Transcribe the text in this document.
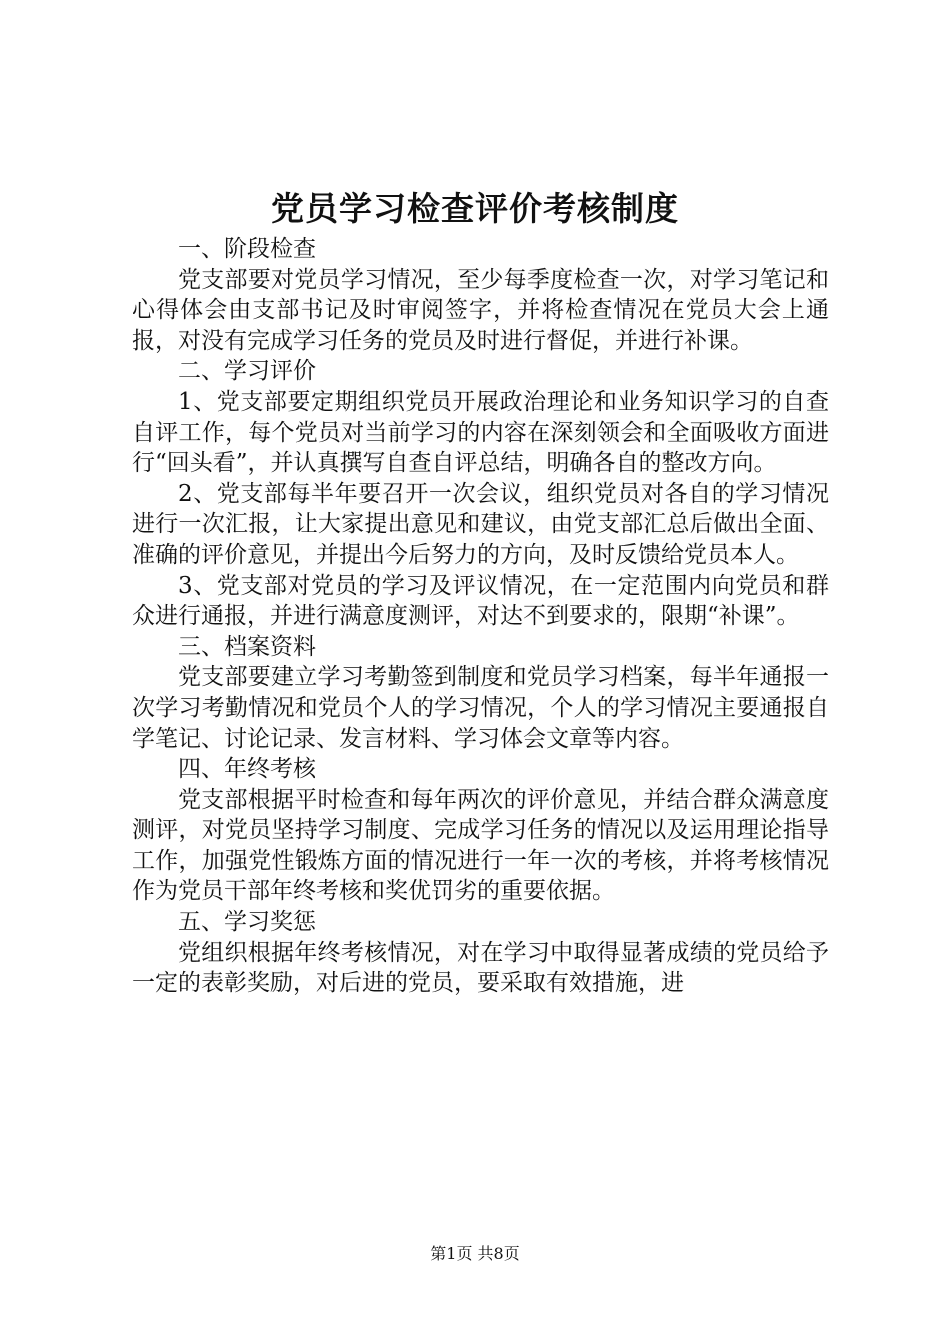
党员学习检查评价考核制度

一、阶段检查

党支部要对党员学习情况，至少每季度检查一次，对学习笔记和心得体会由支部书记及时审阅签字，并将检查情况在党员大会上通报，对没有完成学习任务的党员及时进行督促，并进行补课。

二、学习评价

1、党支部要定期组织党员开展政治理论和业务知识学习的自查自评工作，每个党员对当前学习的内容在深刻领会和全面吸收方面进行“回头看”，并认真撰写自查自评总结，明确各自的整改方向。

2、党支部每半年要召开一次会议，组织党员对各自的学习情况进行一次汇报，让大家提出意见和建议，由党支部汇总后做出全面、准确的评价意见，并提出今后努力的方向，及时反馈给党员本人。

3、党支部对党员的学习及评议情况，在一定范围内向党员和群众进行通报，并进行满意度测评，对达不到要求的，限期“补课”。

三、档案资料

党支部要建立学习考勤签到制度和党员学习档案，每半年通报一次学习考勤情况和党员个人的学习情况，个人的学习情况主要通报自学笔记、讨论记录、发言材料、学习体会文章等内容。

四、年终考核

党支部根据平时检查和每年两次的评价意见，并结合群众满意度测评，对党员坚持学习制度、完成学习任务的情况以及运用理论指导工作，加强党性锻炼方面的情况进行一年一次的考核，并将考核情况作为党员干部年终考核和奖优罚劣的重要依据。

五、学习奖惩

党组织根据年终考核情况，对在学习中取得显著成绩的党员给予一定的表彰奖励，对后进的党员，要采取有效措施，进

第1页 共8页
